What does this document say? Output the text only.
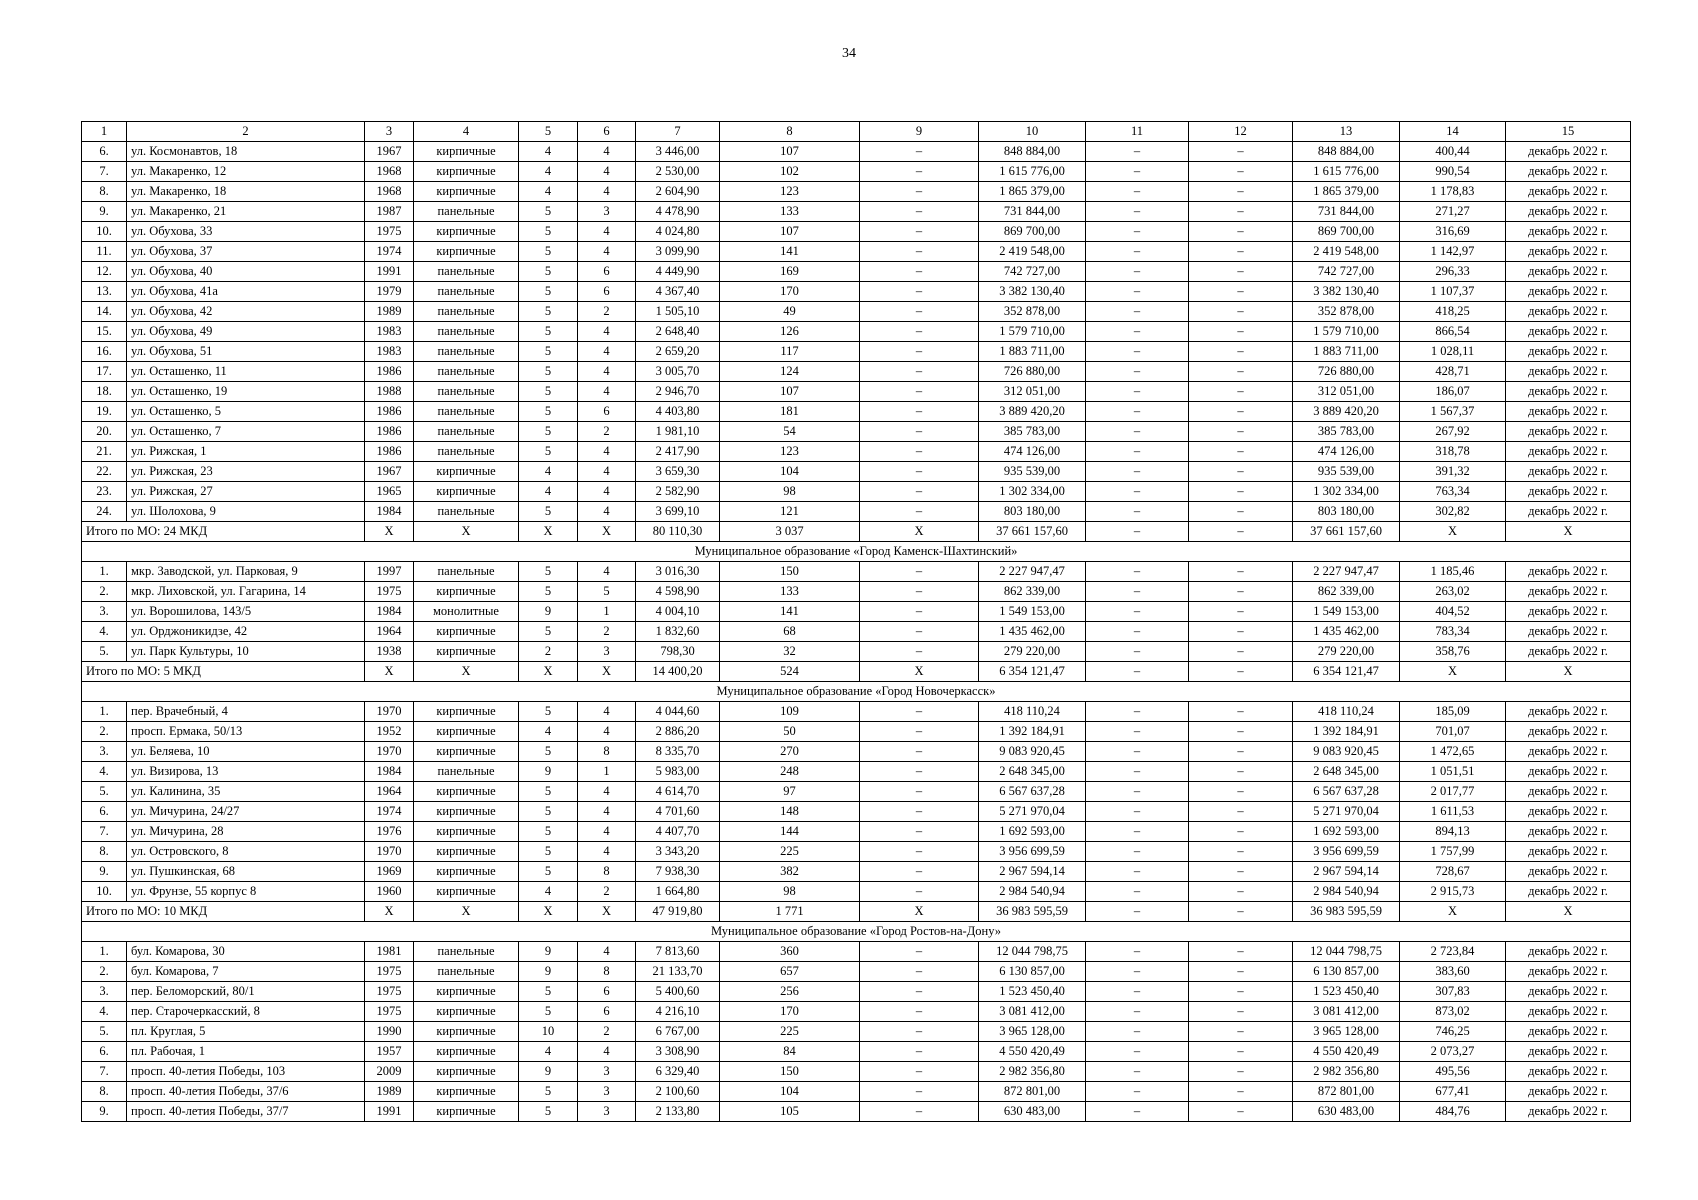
34
1	2	3	4	5	6	7	8	9	10	11	12	13	14	15
6.	ул. Космонавтов, 18	1967	кирпичные	4	4	3 446,00	107	–	848 884,00	–	–	848 884,00	400,44	декабрь 2022 г.
7.	ул. Макаренко, 12	1968	кирпичные	4	4	2 530,00	102	–	1 615 776,00	–	–	1 615 776,00	990,54	декабрь 2022 г.
8.	ул. Макаренко, 18	1968	кирпичные	4	4	2 604,90	123	–	1 865 379,00	–	–	1 865 379,00	1 178,83	декабрь 2022 г.
9.	ул. Макаренко, 21	1987	панельные	5	3	4 478,90	133	–	731 844,00	–	–	731 844,00	271,27	декабрь 2022 г.
10.	ул. Обухова, 33	1975	кирпичные	5	4	4 024,80	107	–	869 700,00	–	–	869 700,00	316,69	декабрь 2022 г.
11.	ул. Обухова, 37	1974	кирпичные	5	4	3 099,90	141	–	2 419 548,00	–	–	2 419 548,00	1 142,97	декабрь 2022 г.
12.	ул. Обухова, 40	1991	панельные	5	6	4 449,90	169	–	742 727,00	–	–	742 727,00	296,33	декабрь 2022 г.
13.	ул. Обухова, 41а	1979	панельные	5	6	4 367,40	170	–	3 382 130,40	–	–	3 382 130,40	1 107,37	декабрь 2022 г.
14.	ул. Обухова, 42	1989	панельные	5	2	1 505,10	49	–	352 878,00	–	–	352 878,00	418,25	декабрь 2022 г.
15.	ул. Обухова, 49	1983	панельные	5	4	2 648,40	126	–	1 579 710,00	–	–	1 579 710,00	866,54	декабрь 2022 г.
16.	ул. Обухова, 51	1983	панельные	5	4	2 659,20	117	–	1 883 711,00	–	–	1 883 711,00	1 028,11	декабрь 2022 г.
17.	ул. Осташенко, 11	1986	панельные	5	4	3 005,70	124	–	726 880,00	–	–	726 880,00	428,71	декабрь 2022 г.
18.	ул. Осташенко, 19	1988	панельные	5	4	2 946,70	107	–	312 051,00	–	–	312 051,00	186,07	декабрь 2022 г.
19.	ул. Осташенко, 5	1986	панельные	5	6	4 403,80	181	–	3 889 420,20	–	–	3 889 420,20	1 567,37	декабрь 2022 г.
20.	ул. Осташенко, 7	1986	панельные	5	2	1 981,10	54	–	385 783,00	–	–	385 783,00	267,92	декабрь 2022 г.
21.	ул. Рижская, 1	1986	панельные	5	4	2 417,90	123	–	474 126,00	–	–	474 126,00	318,78	декабрь 2022 г.
22.	ул. Рижская, 23	1967	кирпичные	4	4	3 659,30	104	–	935 539,00	–	–	935 539,00	391,32	декабрь 2022 г.
23.	ул. Рижская, 27	1965	кирпичные	4	4	2 582,90	98	–	1 302 334,00	–	–	1 302 334,00	763,34	декабрь 2022 г.
24.	ул. Шолохова, 9	1984	панельные	5	4	3 699,10	121	–	803 180,00	–	–	803 180,00	302,82	декабрь 2022 г.
Итого по МО: 24 МКД		X	X	X	X	80 110,30	3 037	X	37 661 157,60	–	–	37 661 157,60	X	X
Муниципальное образование «Город Каменск-Шахтинский»														
1.	мкр. Заводской, ул. Парковая, 9	1997	панельные	5	4	3 016,30	150	–	2 227 947,47	–	–	2 227 947,47	1 185,46	декабрь 2022 г.
2.	мкр. Лиховской, ул. Гагарина, 14	1975	кирпичные	5	5	4 598,90	133	–	862 339,00	–	–	862 339,00	263,02	декабрь 2022 г.
3.	ул. Ворошилова, 143/5	1984	монолитные	9	1	4 004,10	141	–	1 549 153,00	–	–	1 549 153,00	404,52	декабрь 2022 г.
4.	ул. Орджоникидзе, 42	1964	кирпичные	5	2	1 832,60	68	–	1 435 462,00	–	–	1 435 462,00	783,34	декабрь 2022 г.
5.	ул. Парк Культуры, 10	1938	кирпичные	2	3	798,30	32	–	279 220,00	–	–	279 220,00	358,76	декабрь 2022 г.
Итого по МО: 5 МКД		X	X	X	X	14 400,20	524	X	6 354 121,47	–	–	6 354 121,47	X	X
Муниципальное образование «Город Новочеркасск»														
1.	пер. Врачебный, 4	1970	кирпичные	5	4	4 044,60	109	–	418 110,24	–	–	418 110,24	185,09	декабрь 2022 г.
2.	просп. Ермака, 50/13	1952	кирпичные	4	4	2 886,20	50	–	1 392 184,91	–	–	1 392 184,91	701,07	декабрь 2022 г.
3.	ул. Беляева, 10	1970	кирпичные	5	8	8 335,70	270	–	9 083 920,45	–	–	9 083 920,45	1 472,65	декабрь 2022 г.
4.	ул. Визирова, 13	1984	панельные	9	1	5 983,00	248	–	2 648 345,00	–	–	2 648 345,00	1 051,51	декабрь 2022 г.
5.	ул. Калинина, 35	1964	кирпичные	5	4	4 614,70	97	–	6 567 637,28	–	–	6 567 637,28	2 017,77	декабрь 2022 г.
6.	ул. Мичурина, 24/27	1974	кирпичные	5	4	4 701,60	148	–	5 271 970,04	–	–	5 271 970,04	1 611,53	декабрь 2022 г.
7.	ул. Мичурина, 28	1976	кирпичные	5	4	4 407,70	144	–	1 692 593,00	–	–	1 692 593,00	894,13	декабрь 2022 г.
8.	ул. Островского, 8	1970	кирпичные	5	4	3 343,20	225	–	3 956 699,59	–	–	3 956 699,59	1 757,99	декабрь 2022 г.
9.	ул. Пушкинская, 68	1969	кирпичные	5	8	7 938,30	382	–	2 967 594,14	–	–	2 967 594,14	728,67	декабрь 2022 г.
10.	ул. Фрунзе, 55 корпус 8	1960	кирпичные	4	2	1 664,80	98	–	2 984 540,94	–	–	2 984 540,94	2 915,73	декабрь 2022 г.
Итого по МО: 10 МКД		X	X	X	X	47 919,80	1 771	X	36 983 595,59	–	–	36 983 595,59	X	X
Муниципальное образование «Город Ростов-на-Дону»														
1.	бул. Комарова, 30	1981	панельные	9	4	7 813,60	360	–	12 044 798,75	–	–	12 044 798,75	2 723,84	декабрь 2022 г.
2.	бул. Комарова, 7	1975	панельные	9	8	21 133,70	657	–	6 130 857,00	–	–	6 130 857,00	383,60	декабрь 2022 г.
3.	пер. Беломорский, 80/1	1975	кирпичные	5	6	5 400,60	256	–	1 523 450,40	–	–	1 523 450,40	307,83	декабрь 2022 г.
4.	пер. Старочеркасский, 8	1975	кирпичные	5	6	4 216,10	170	–	3 081 412,00	–	–	3 081 412,00	873,02	декабрь 2022 г.
5.	пл. Круглая, 5	1990	кирпичные	10	2	6 767,00	225	–	3 965 128,00	–	–	3 965 128,00	746,25	декабрь 2022 г.
6.	пл. Рабочая, 1	1957	кирпичные	4	4	3 308,90	84	–	4 550 420,49	–	–	4 550 420,49	2 073,27	декабрь 2022 г.
7.	просп. 40-летия Победы, 103	2009	кирпичные	9	3	6 329,40	150	–	2 982 356,80	–	–	2 982 356,80	495,56	декабрь 2022 г.
8.	просп. 40-летия Победы, 37/6	1989	кирпичные	5	3	2 100,60	104	–	872 801,00	–	–	872 801,00	677,41	декабрь 2022 г.
9.	просп. 40-летия Победы, 37/7	1991	кирпичные	5	3	2 133,80	105	–	630 483,00	–	–	630 483,00	484,76	декабрь 2022 г.
